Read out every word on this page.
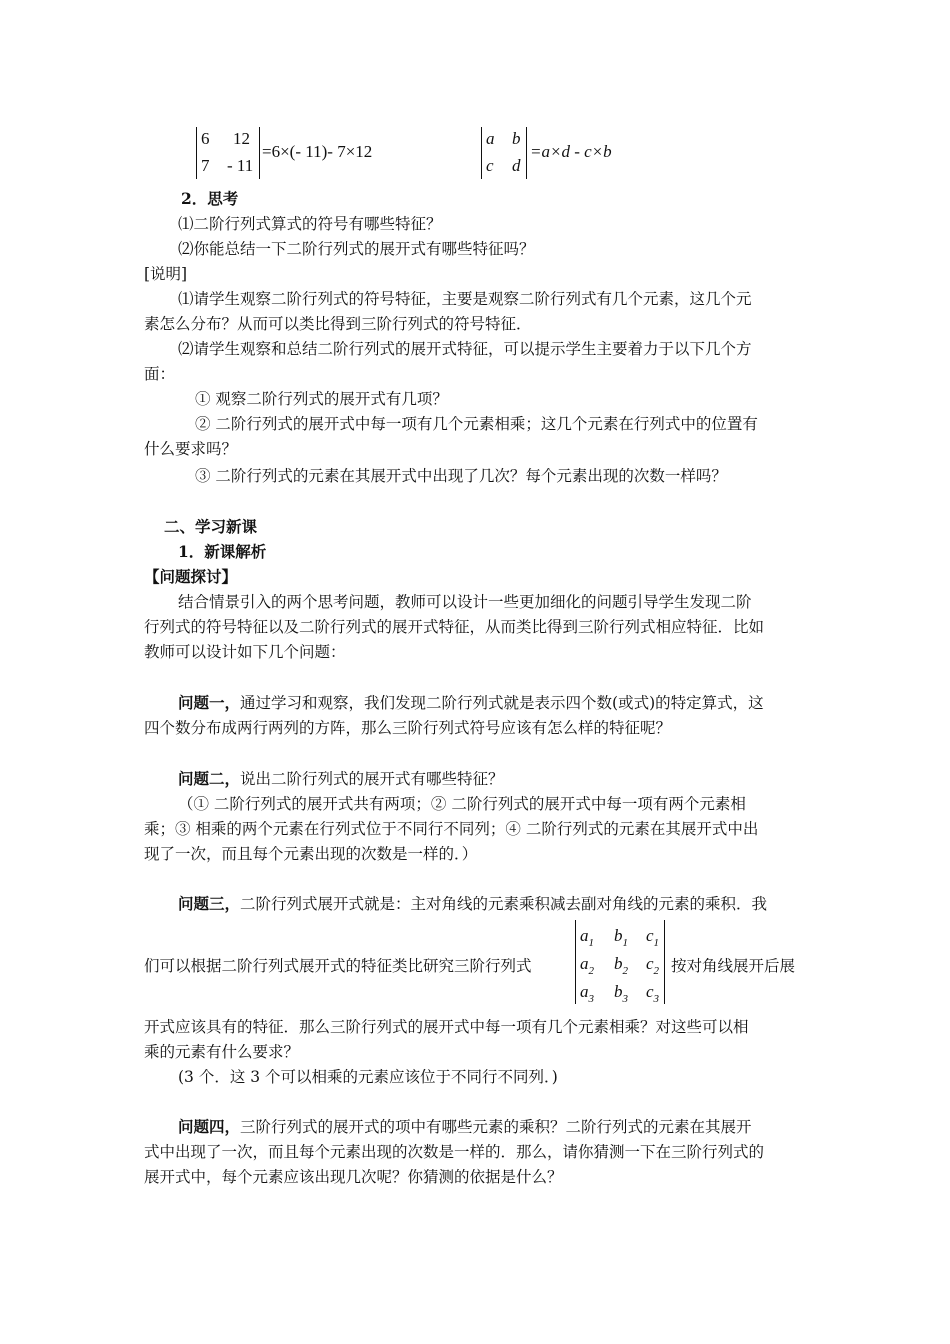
6 12
7 - 11
=6×(- 11)- 7×12
a b
c d
=a×d - c×b
2．思考
⑴二阶行列式算式的符号有哪些特征？
⑵你能总结一下二阶行列式的展开式有哪些特征吗？
[说明]
⑴请学生观察二阶行列式的符号特征，主要是观察二阶行列式有几个元素，这几个元
素怎么分布？从而可以类比得到三阶行列式的符号特征．
⑵请学生观察和总结二阶行列式的展开式特征，可以提示学生主要着力于以下几个方
面：
① 观察二阶行列式的展开式有几项？
② 二阶行列式的展开式中每一项有几个元素相乘；这几个元素在行列式中的位置有
什么要求吗？
③ 二阶行列式的元素在其展开式中出现了几次？每个元素出现的次数一样吗？
二、学习新课
1．新课解析
【问题探讨】
结合情景引入的两个思考问题，教师可以设计一些更加细化的问题引导学生发现二阶
行列式的符号特征以及二阶行列式的展开式特征，从而类比得到三阶行列式相应特征．比如
教师可以设计如下几个问题：
问题一，通过学习和观察，我们发现二阶行列式就是表示四个数(或式)的特定算式，这
四个数分布成两行两列的方阵，那么三阶行列式符号应该有怎么样的特征呢？
问题二，说出二阶行列式的展开式有哪些特征？
（① 二阶行列式的展开式共有两项；② 二阶行列式的展开式中每一项有两个元素相
乘；③ 相乘的两个元素在行列式位于不同行不同列；④ 二阶行列式的元素在其展开式中出
现了一次，而且每个元素出现的次数是一样的．）
问题三，二阶行列式展开式就是：主对角线的元素乘积减去副对角线的元素的乘积．我
们可以根据二阶行列式展开式的特征类比研究三阶行列式
$a_1$ $b_1$ $c_1$
$a_2$ $b_2$ $c_2$
$a_3$ $b_3$ $c_3$
按对角线展开后展
开式应该具有的特征．那么三阶行列式的展开式中每一项有几个元素相乘？对这些可以相
乘的元素有什么要求？
(3 个．这 3 个可以相乘的元素应该位于不同行不同列．)
问题四，三阶行列式的展开式的项中有哪些元素的乘积？二阶行列式的元素在其展开
式中出现了一次，而且每个元素出现的次数是一样的．那么，请你猜测一下在三阶行列式的
展开式中，每个元素应该出现几次呢？你猜测的依据是什么？
